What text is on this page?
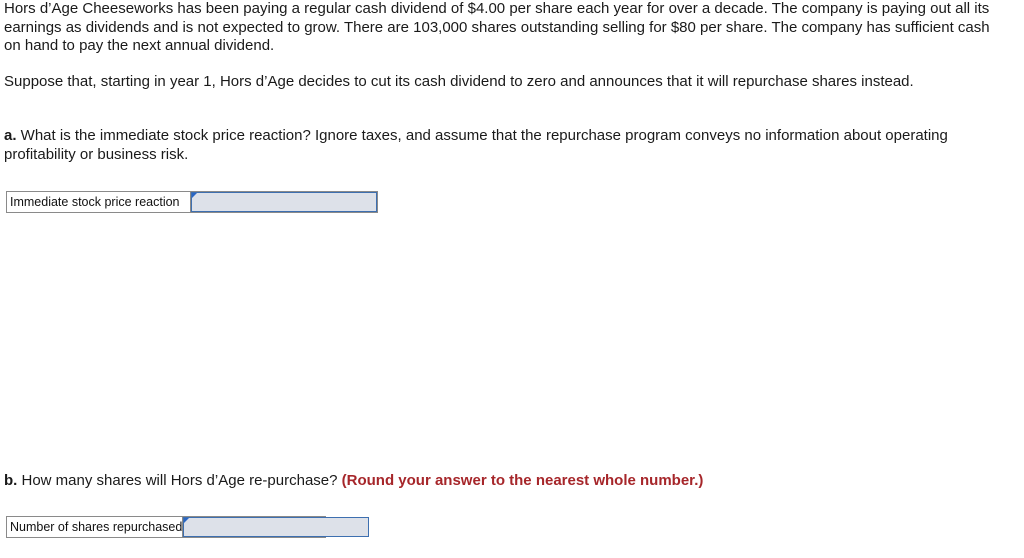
Hors d’Age Cheeseworks has been paying a regular cash dividend of $4.00 per share each year for over a decade. The company is paying out all its earnings as dividends and is not expected to grow. There are 103,000 shares outstanding selling for $80 per share. The company has sufficient cash on hand to pay the next annual dividend.

Suppose that, starting in year 1, Hors d’Age decides to cut its cash dividend to zero and announces that it will repurchase shares instead.

a. What is the immediate stock price reaction? Ignore taxes, and assume that the repurchase program conveys no information about operating profitability or business risk.

Immediate stock price reaction

b. How many shares will Hors d’Age re-purchase? (Round your answer to the nearest whole number.)

Number of shares repurchased
